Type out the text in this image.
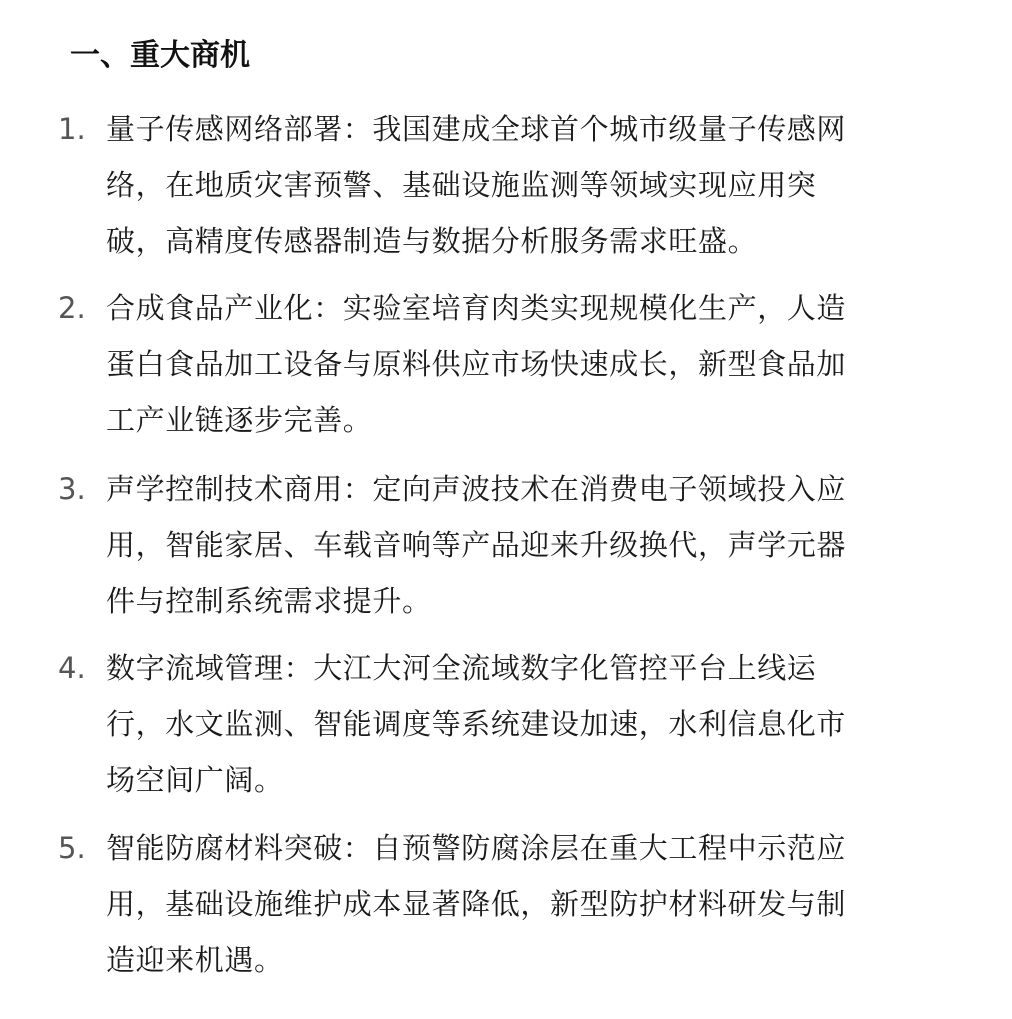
一、重大商机
1. 量子传感网络部署：我国建成全球首个城市级量子传感网
络，在地质灾害预警、基础设施监测等领域实现应用突
破，高精度传感器制造与数据分析服务需求旺盛。
2. 合成食品产业化：实验室培育肉类实现规模化生产，人造
蛋白食品加工设备与原料供应市场快速成长，新型食品加
工产业链逐步完善。
3. 声学控制技术商用：定向声波技术在消费电子领域投入应
用，智能家居、车载音响等产品迎来升级换代，声学元器
件与控制系统需求提升。
4. 数字流域管理：大江大河全流域数字化管控平台上线运
行，水文监测、智能调度等系统建设加速，水利信息化市
场空间广阔。
5. 智能防腐材料突破：自预警防腐涂层在重大工程中示范应
用，基础设施维护成本显著降低，新型防护材料研发与制
造迎来机遇。
